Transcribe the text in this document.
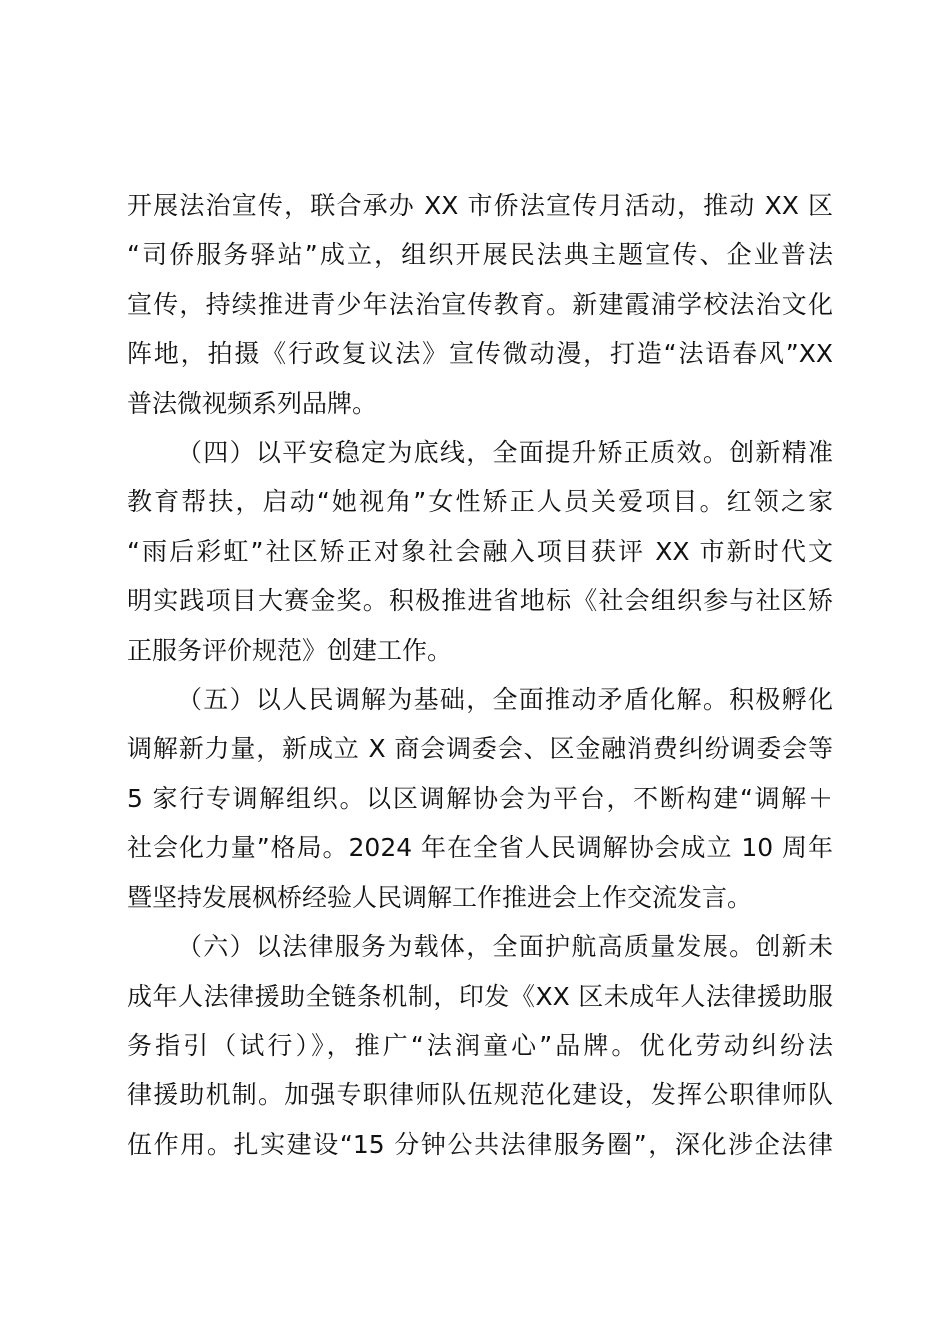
开展法治宣传，联合承办 XX 市侨法宣传月活动，推动 XX 区
“司侨服务驿站”成立，组织开展民法典主题宣传、企业普法
宣传，持续推进青少年法治宣传教育。新建霞浦学校法治文化
阵地，拍摄《行政复议法》宣传微动漫，打造“法语春风”XX
普法微视频系列品牌。
（四）以平安稳定为底线，全面提升矫正质效。创新精准
教育帮扶，启动“她视角”女性矫正人员关爱项目。红领之家
“雨后彩虹”社区矫正对象社会融入项目获评 XX 市新时代文
明实践项目大赛金奖。积极推进省地标《社会组织参与社区矫
正服务评价规范》创建工作。
（五）以人民调解为基础，全面推动矛盾化解。积极孵化
调解新力量，新成立 X 商会调委会、区金融消费纠纷调委会等
5 家行专调解组织。以区调解协会为平台，不断构建“调解＋
社会化力量”格局。2024 年在全省人民调解协会成立 10 周年
暨坚持发展枫桥经验人民调解工作推进会上作交流发言。
（六）以法律服务为载体，全面护航高质量发展。创新未
成年人法律援助全链条机制，印发《XX 区未成年人法律援助服
务指引（试行）》，推广“法润童心”品牌。优化劳动纠纷法
律援助机制。加强专职律师队伍规范化建设，发挥公职律师队
伍作用。扎实建设“15 分钟公共法律服务圈”，深化涉企法律
